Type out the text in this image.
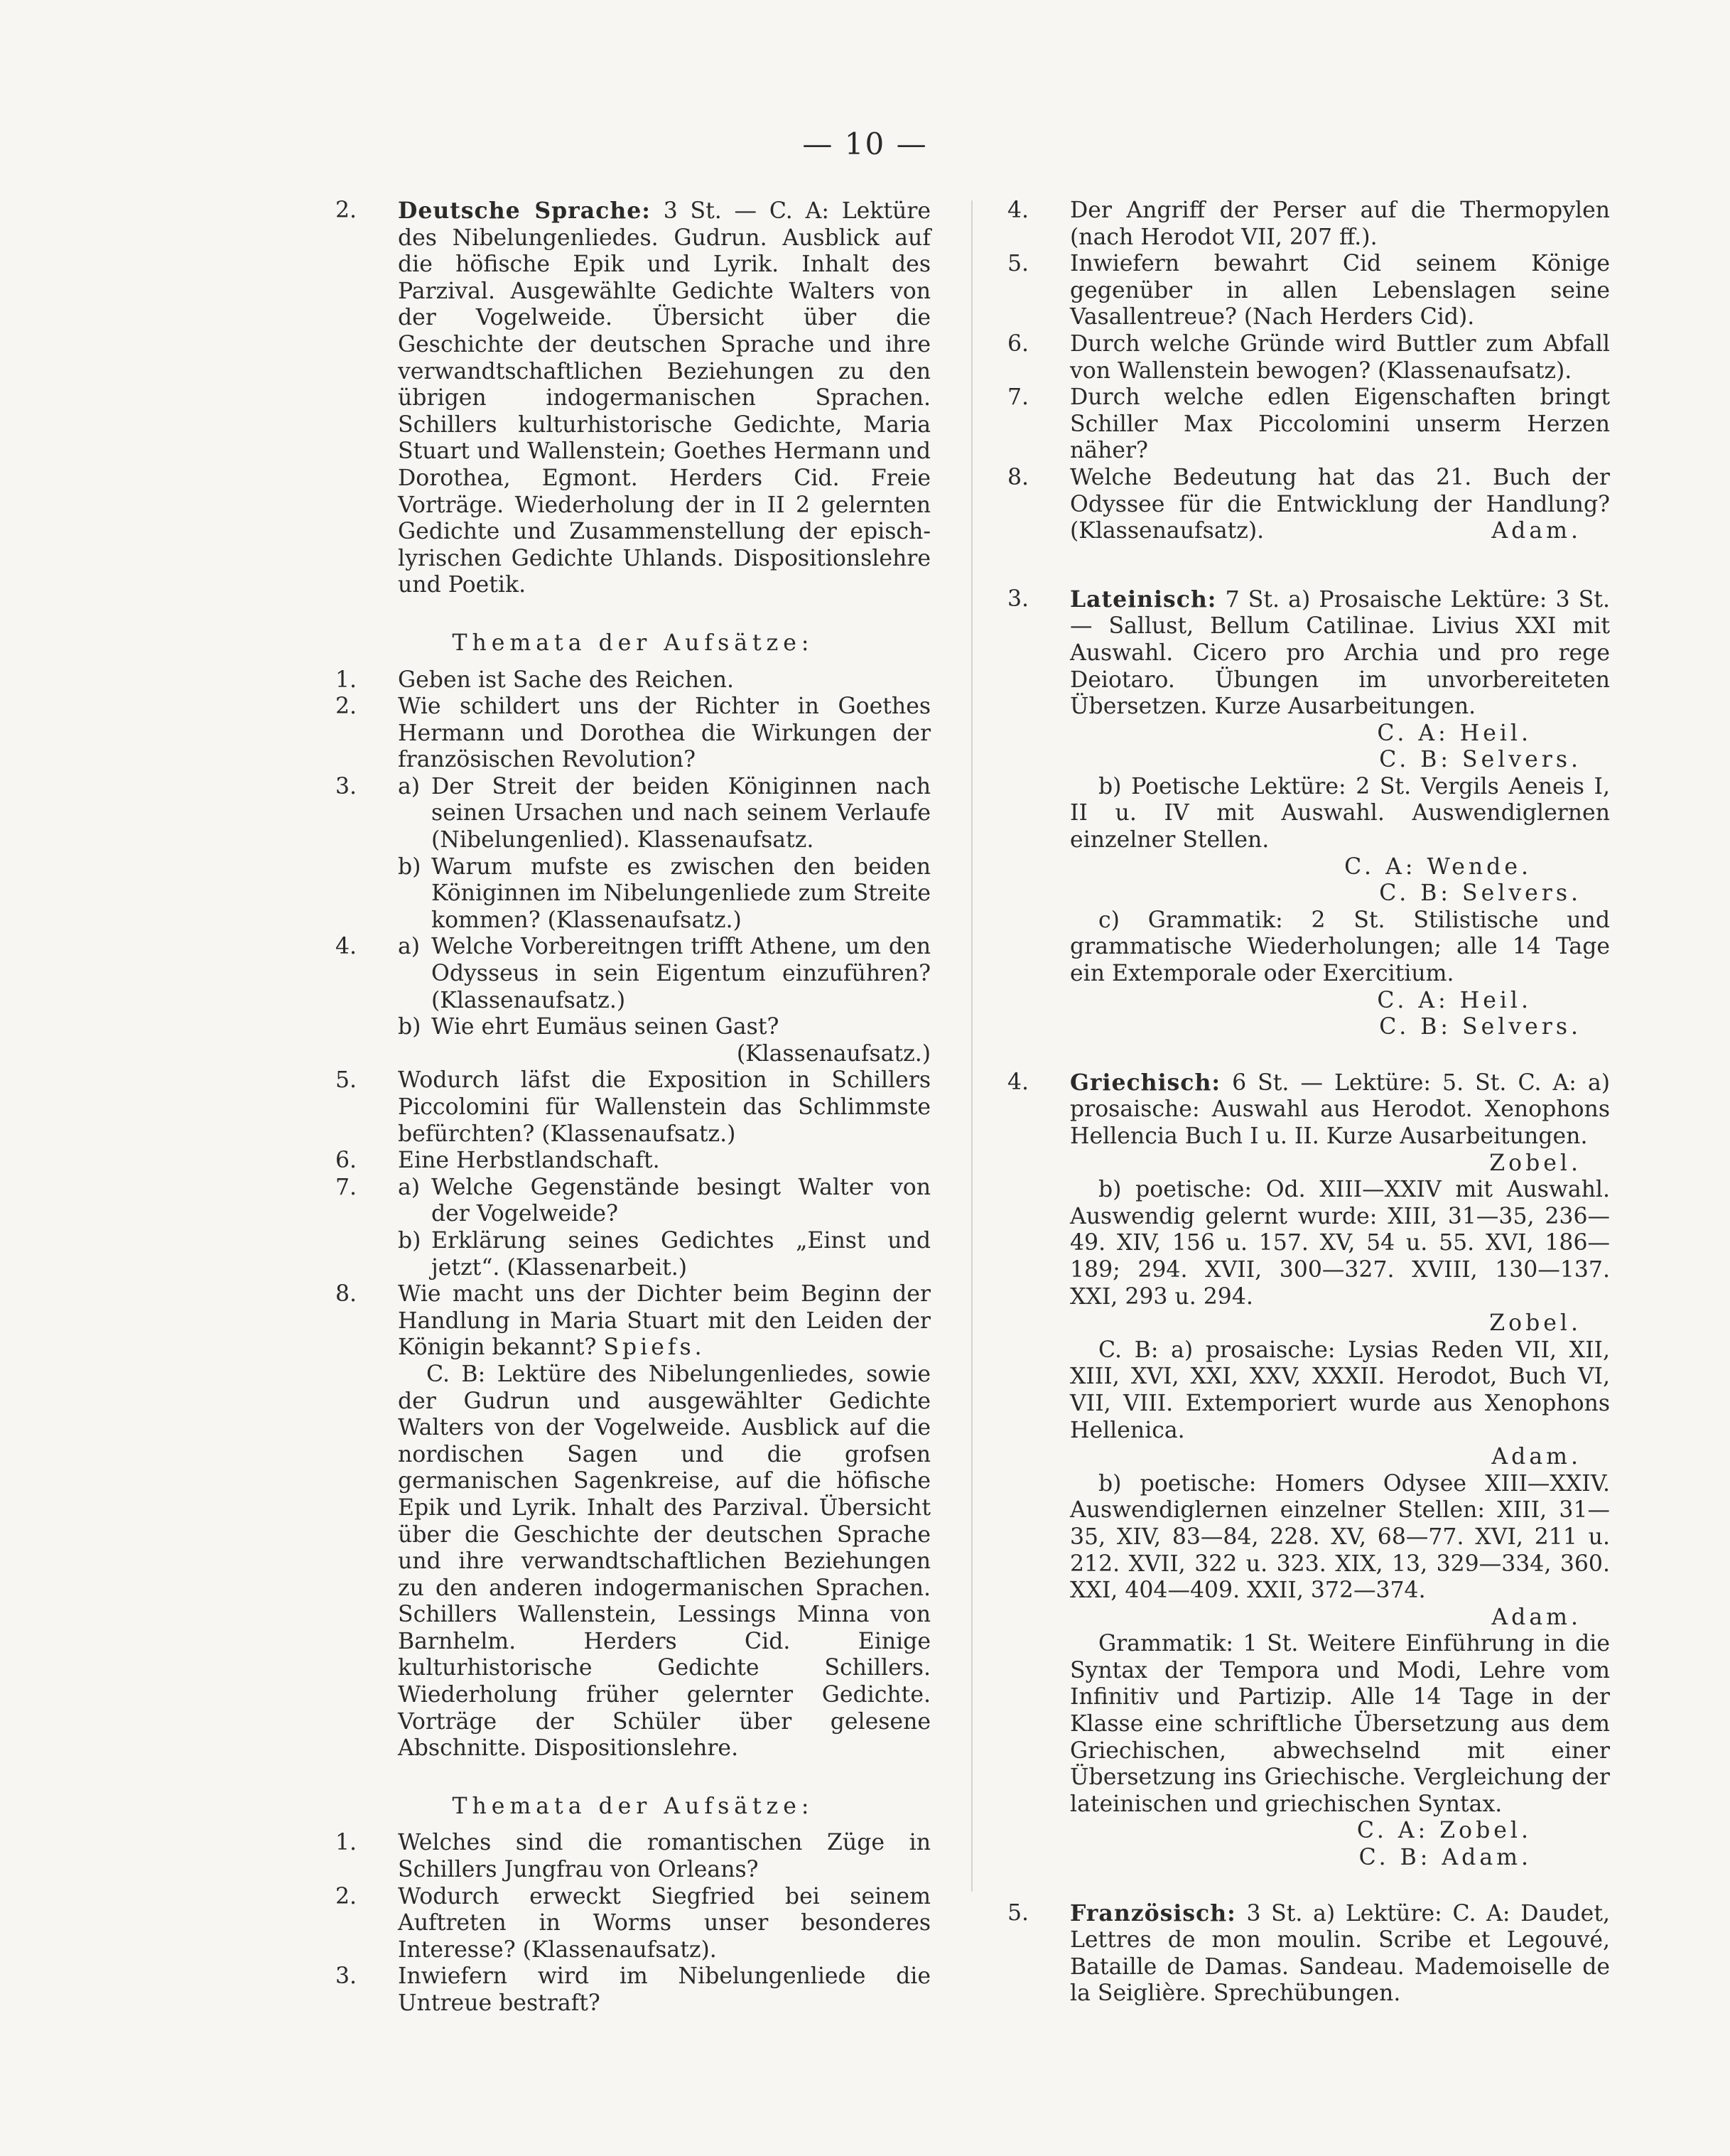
— 10 —

2. Deutsche Sprache: 3 St. — C. A: Lektüre des Nibelungenliedes. Gudrun. Ausblick auf die höfische Epik und Lyrik. Inhalt des Parzival. Ausgewählte Gedichte Walters von der Vogelweide. Übersicht über die Geschichte der deutschen Sprache und ihre verwandtschaftlichen Beziehungen zu den übrigen indogermanischen Sprachen. Schillers kulturhistorische Gedichte, Maria Stuart und Wallenstein; Goethes Hermann und Dorothea, Egmont. Herders Cid. Freie Vorträge. Wiederholung der in II 2 gelernten Gedichte und Zusammenstellung der episch-lyrischen Gedichte Uhlands. Dispositionslehre und Poetik.

Themata der Aufsätze:

1. Geben ist Sache des Reichen.

2. Wie schildert uns der Richter in Goethes Hermann und Dorothea die Wirkungen der französischen Revolution?

3. a) Der Streit der beiden Königinnen nach seinen Ursachen und nach seinem Verlaufe (Nibelungenlied). Klassenaufsatz.

b) Warum mufste es zwischen den beiden Königinnen im Nibelungenliede zum Streite kommen? (Klassenaufsatz.)

4. a) Welche Vorbereitngen trifft Athene, um den Odysseus in sein Eigentum einzuführen? (Klassenaufsatz.)

b) Wie ehrt Eumäus seinen Gast?
(Klassenaufsatz.)

5. Wodurch läfst die Exposition in Schillers Piccolomini für Wallenstein das Schlimmste befürchten? (Klassenaufsatz.)

6. Eine Herbstlandschaft.

7. a) Welche Gegenstände besingt Walter von der Vogelweide?

b) Erklärung seines Gedichtes „Einst und jetzt“. (Klassenarbeit.)

8. Wie macht uns der Dichter beim Beginn der Handlung in Maria Stuart mit den Leiden der Königin bekannt? Spiefs.

C. B: Lektüre des Nibelungenliedes, sowie der Gudrun und ausgewählter Gedichte Walters von der Vogelweide. Ausblick auf die nordischen Sagen und die grofsen germanischen Sagenkreise, auf die höfische Epik und Lyrik. Inhalt des Parzival. Übersicht über die Geschichte der deutschen Sprache und ihre verwandtschaftlichen Beziehungen zu den anderen indogermanischen Sprachen. Schillers Wallenstein, Lessings Minna von Barnhelm. Herders Cid. Einige kulturhistorische Gedichte Schillers. Wiederholung früher gelernter Gedichte. Vorträge der Schüler über gelesene Abschnitte. Dispositionslehre.

Themata der Aufsätze:

1. Welches sind die romantischen Züge in Schillers Jungfrau von Orleans?

2. Wodurch erweckt Siegfried bei seinem Auftreten in Worms unser besonderes Interesse? (Klassenaufsatz).

3. Inwiefern wird im Nibelungenliede die Untreue bestraft?

4. Der Angriff der Perser auf die Thermopylen (nach Herodot VII, 207 ff.).

5. Inwiefern bewahrt Cid seinem Könige gegenüber in allen Lebenslagen seine Vasallentreue? (Nach Herders Cid).

6. Durch welche Gründe wird Buttler zum Abfall von Wallenstein bewogen? (Klassenaufsatz).

7. Durch welche edlen Eigenschaften bringt Schiller Max Piccolomini unserm Herzen näher?

8. Welche Bedeutung hat das 21. Buch der Odyssee für die Entwicklung der Handlung? (Klassenaufsatz).	Adam.

3. Lateinisch: 7 St. a) Prosaische Lektüre: 3 St. — Sallust, Bellum Catilinae. Livius XXI mit Auswahl. Cicero pro Archia und pro rege Deiotaro. Übungen im unvorbereiteten Übersetzen. Kurze Ausarbeitungen.
C. A: Heil.
C. B: Selvers.

b) Poetische Lektüre: 2 St. Vergils Aeneis I, II u. IV mit Auswahl. Auswendiglernen einzelner Stellen.
C. A: Wende.
C. B: Selvers.

c) Grammatik: 2 St. Stilistische und grammatische Wiederholungen; alle 14 Tage ein Extemporale oder Exercitium.
C. A: Heil.
C. B: Selvers.

4. Griechisch: 6 St. — Lektüre: 5. St. C. A: a) prosaische: Auswahl aus Herodot. Xenophons Hellencia Buch I u. II. Kurze Ausarbeitungen.
Zobel.

b) poetische: Od. XIII—XXIV mit Auswahl. Auswendig gelernt wurde: XIII, 31—35, 236—49. XIV, 156 u. 157. XV, 54 u. 55. XVI, 186—189; 294. XVII, 300—327. XVIII, 130—137. XXI, 293 u. 294.
Zobel.

C. B: a) prosaische: Lysias Reden VII, XII, XIII, XVI, XXI, XXV, XXXII. Herodot, Buch VI, VII, VIII. Extemporiert wurde aus Xenophons Hellenica.
Adam.

b) poetische: Homers Odysee XIII—XXIV. Auswendiglernen einzelner Stellen: XIII, 31—35, XIV, 83—84, 228. XV, 68—77. XVI, 211 u. 212. XVII, 322 u. 323. XIX, 13, 329—334, 360. XXI, 404—409. XXII, 372—374.
Adam.

Grammatik: 1 St. Weitere Einführung in die Syntax der Tempora und Modi, Lehre vom Infinitiv und Partizip. Alle 14 Tage in der Klasse eine schriftliche Übersetzung aus dem Griechischen, abwechselnd mit einer Übersetzung ins Griechische. Vergleichung der lateinischen und griechischen Syntax.
C. A: Zobel.
C. B: Adam.

5. Französisch: 3 St. a) Lektüre: C. A: Daudet, Lettres de mon moulin. Scribe et Legouvé, Bataille de Damas. Sandeau. Mademoiselle de la Seiglière. Sprechübungen.
